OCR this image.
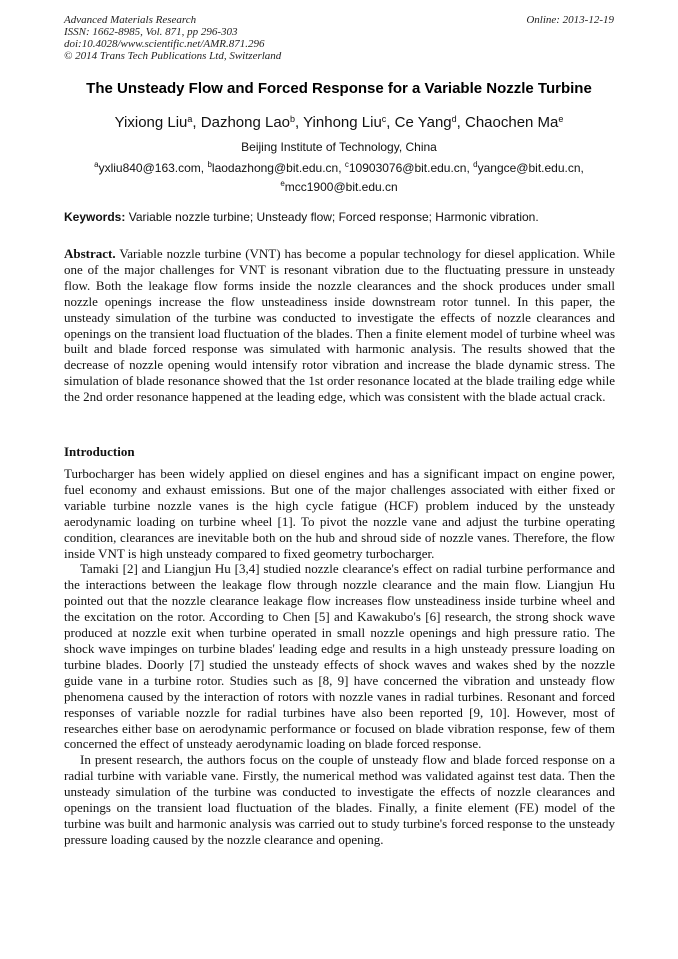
Advanced Materials Research
ISSN: 1662-8985, Vol. 871, pp 296-303
doi:10.4028/www.scientific.net/AMR.871.296
© 2014 Trans Tech Publications Ltd, Switzerland
Online: 2013-12-19
The Unsteady Flow and Forced Response for a Variable Nozzle Turbine
Yixiong Liu$^a$, Dazhong Lao$^b$, Yinhong Liu$^c$, Ce Yang$^d$, Chaochen Ma$^e$
Beijing Institute of Technology, China
$^a$yxliu840@163.com, $^b$laodazhong@bit.edu.cn, $^c$10903076@bit.edu.cn, $^d$yangce@bit.edu.cn,
$^e$mcc1900@bit.edu.cn
Keywords: Variable nozzle turbine; Unsteady flow; Forced response; Harmonic vibration.

Abstract. Variable nozzle turbine (VNT) has become a popular technology for diesel application. While one of the major challenges for VNT is resonant vibration due to the fluctuating pressure in unsteady flow. Both the leakage flow forms inside the nozzle clearances and the shock produces under small nozzle openings increase the flow unsteadiness inside downstream rotor tunnel. In this paper, the unsteady simulation of the turbine was conducted to investigate the effects of nozzle clearances and openings on the transient load fluctuation of the blades. Then a finite element model of turbine wheel was built and blade forced response was simulated with harmonic analysis. The results showed that the decrease of nozzle opening would intensify rotor vibration and increase the blade dynamic stress. The simulation of blade resonance showed that the 1st order resonance located at the blade trailing edge while the 2nd order resonance happened at the leading edge, which was consistent with the blade actual crack.

Introduction

Turbocharger has been widely applied on diesel engines and has a significant impact on engine power, fuel economy and exhaust emissions. But one of the major challenges associated with either fixed or variable turbine nozzle vanes is the high cycle fatigue (HCF) problem induced by the unsteady aerodynamic loading on turbine wheel [1]. To pivot the nozzle vane and adjust the turbine operating condition, clearances are inevitable both on the hub and shroud side of nozzle vanes. Therefore, the flow inside VNT is high unsteady compared to fixed geometry turbocharger.

Tamaki [2] and Liangjun Hu [3,4] studied nozzle clearance's effect on radial turbine performance and the interactions between the leakage flow through nozzle clearance and the main flow. Liangjun Hu pointed out that the nozzle clearance leakage flow increases flow unsteadiness inside turbine wheel and the excitation on the rotor. According to Chen [5] and Kawakubo's [6] research, the strong shock wave produced at nozzle exit when turbine operated in small nozzle openings and high pressure ratio. The shock wave impinges on turbine blades' leading edge and results in a high unsteady pressure loading on turbine blades. Doorly [7] studied the unsteady effects of shock waves and wakes shed by the nozzle guide vane in a turbine rotor. Studies such as [8, 9] have concerned the vibration and unsteady flow phenomena caused by the interaction of rotors with nozzle vanes in radial turbines. Resonant and forced responses of variable nozzle for radial turbines have also been reported [9, 10]. However, most of researches either base on aerodynamic performance or focused on blade vibration response, few of them concerned the effect of unsteady aerodynamic loading on blade forced response.

In present research, the authors focus on the couple of unsteady flow and blade forced response on a radial turbine with variable vane. Firstly, the numerical method was validated against test data. Then the unsteady simulation of the turbine was conducted to investigate the effects of nozzle clearances and openings on the transient load fluctuation of the blades. Finally, a finite element (FE) model of the turbine was built and harmonic analysis was carried out to study turbine's forced response to the unsteady pressure loading caused by the nozzle clearance and opening.
